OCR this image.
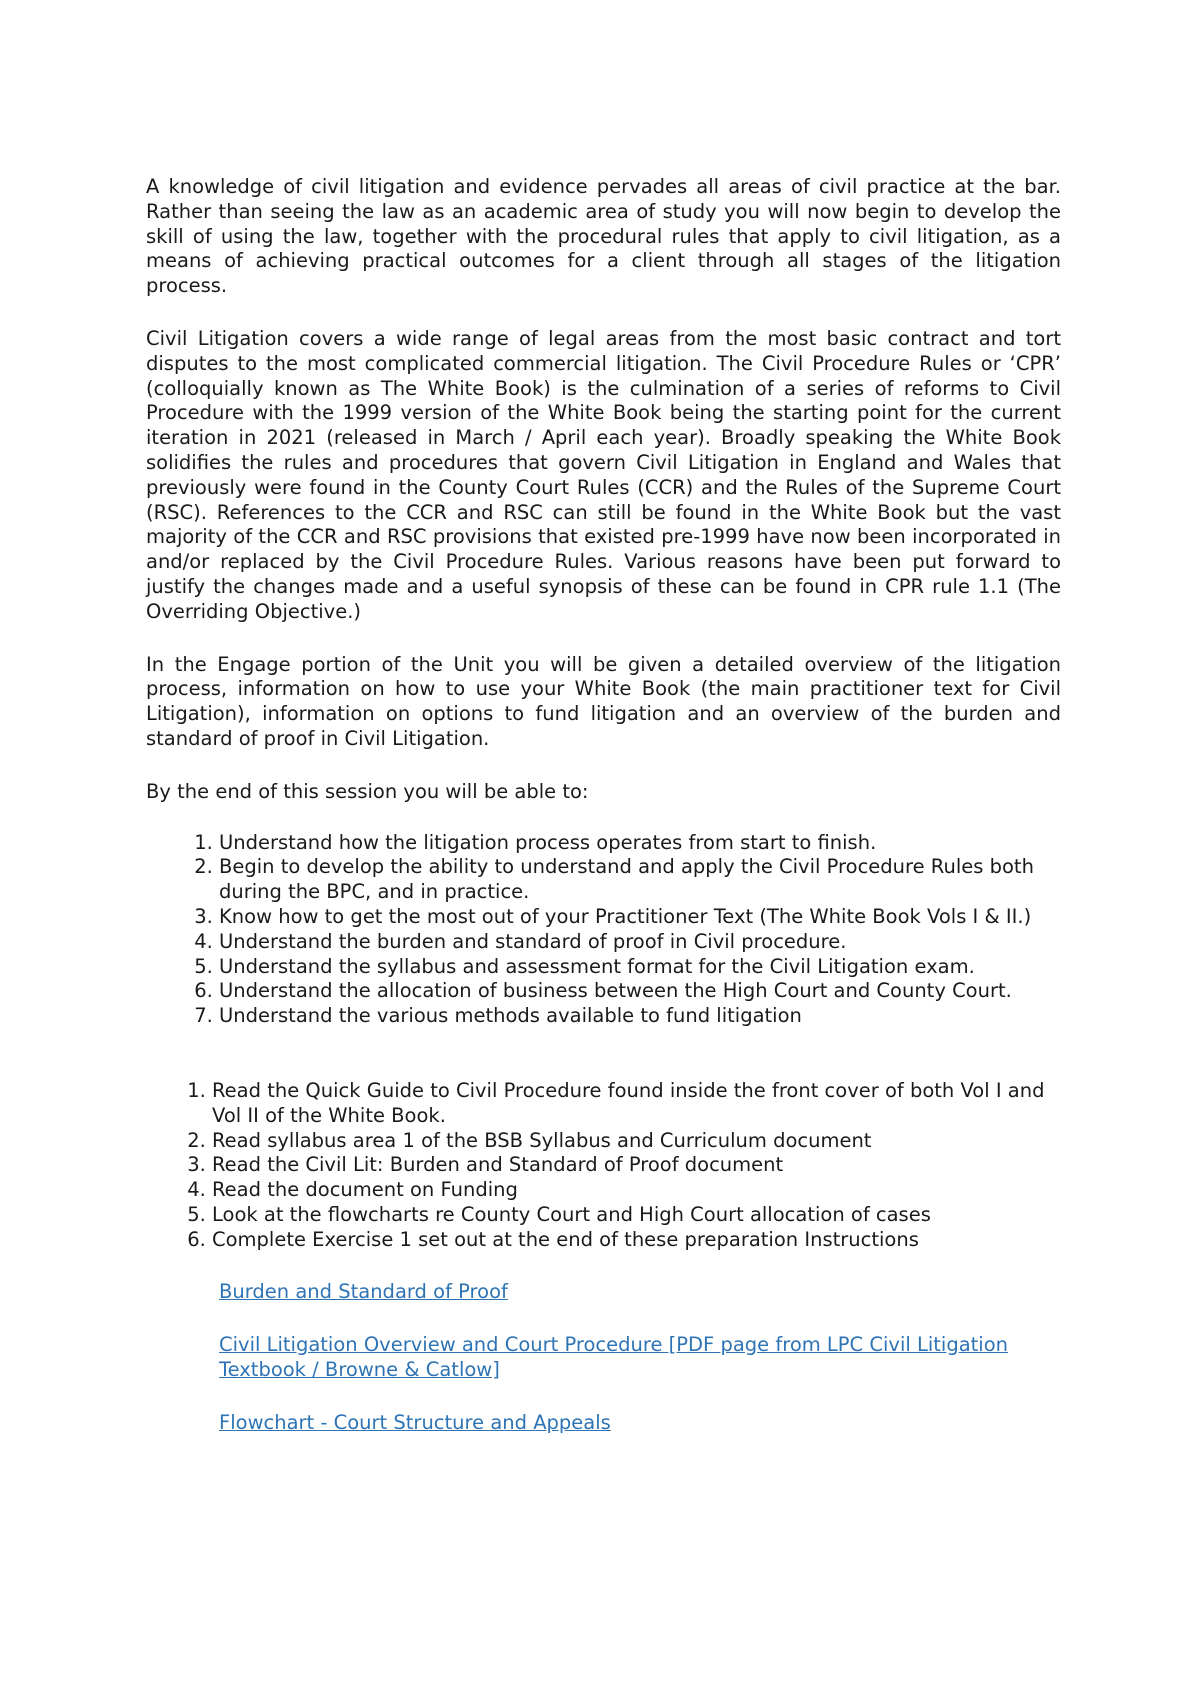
A knowledge of civil litigation and evidence pervades all areas of civil practice at the bar. Rather than seeing the law as an academic area of study you will now begin to develop the skill of using the law, together with the procedural rules that apply to civil litigation, as a means of achieving practical outcomes for a client through all stages of the litigation process.

Civil Litigation covers a wide range of legal areas from the most basic contract and tort disputes to the most complicated commercial litigation. The Civil Procedure Rules or ‘CPR’ (colloquially known as The White Book) is the culmination of a series of reforms to Civil Procedure with the 1999 version of the White Book being the starting point for the current iteration in 2021 (released in March / April each year). Broadly speaking the White Book solidifies the rules and procedures that govern Civil Litigation in England and Wales that previously were found in the County Court Rules (CCR) and the Rules of the Supreme Court (RSC). References to the CCR and RSC can still be found in the White Book but the vast majority of the CCR and RSC provisions that existed pre-1999 have now been incorporated in and/or replaced by the Civil Procedure Rules. Various reasons have been put forward to justify the changes made and a useful synopsis of these can be found in CPR rule 1.1 (The Overriding Objective.)

In the Engage portion of the Unit you will be given a detailed overview of the litigation process, information on how to use your White Book (the main practitioner text for Civil Litigation), information on options to fund litigation and an overview of the burden and standard of proof in Civil Litigation.

By the end of this session you will be able to:

1. Understand how the litigation process operates from start to finish.
2. Begin to develop the ability to understand and apply the Civil Procedure Rules both during the BPC, and in practice.
3. Know how to get the most out of your Practitioner Text (The White Book Vols I & II.)
4. Understand the burden and standard of proof in Civil procedure.
5. Understand the syllabus and assessment format for the Civil Litigation exam.
6. Understand the allocation of business between the High Court and County Court.
7. Understand the various methods available to fund litigation
1. Read the Quick Guide to Civil Procedure found inside the front cover of both Vol I and Vol II of the White Book.
2. Read syllabus area 1 of the BSB Syllabus and Curriculum document
3. Read the Civil Lit: Burden and Standard of Proof document
4. Read the document on Funding
5. Look at the flowcharts re County Court and High Court allocation of cases
6. Complete Exercise 1 set out at the end of these preparation Instructions
Burden and Standard of Proof
Civil Litigation Overview and Court Procedure [PDF page from LPC Civil Litigation Textbook / Browne & Catlow]
Flowchart - Court Structure and Appeals
